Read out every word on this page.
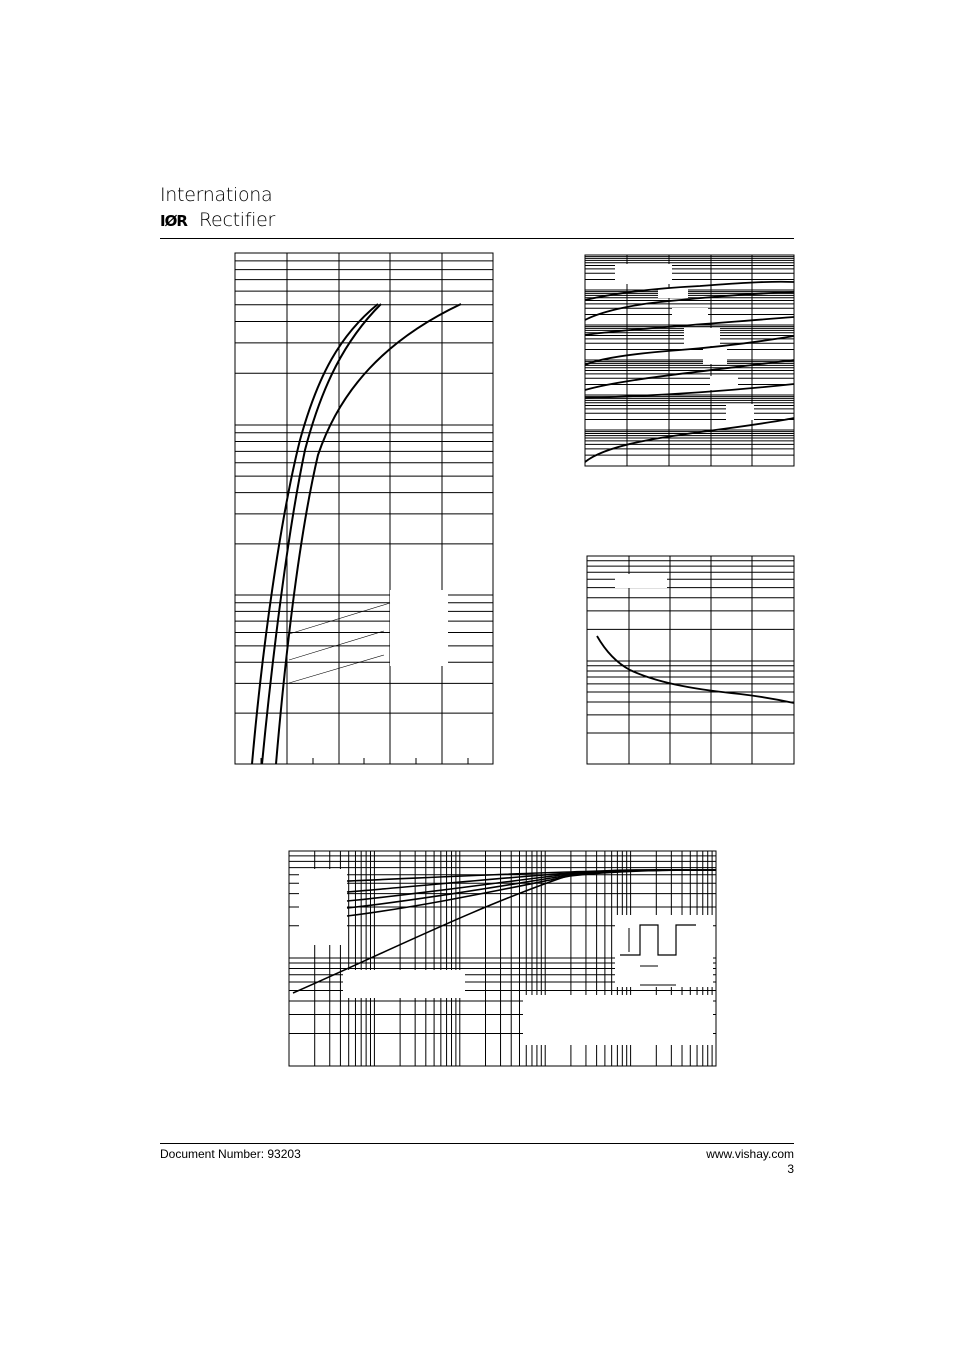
Internationa
IØR Rectifier
Document Number: 93203	www.vishay.com
3
